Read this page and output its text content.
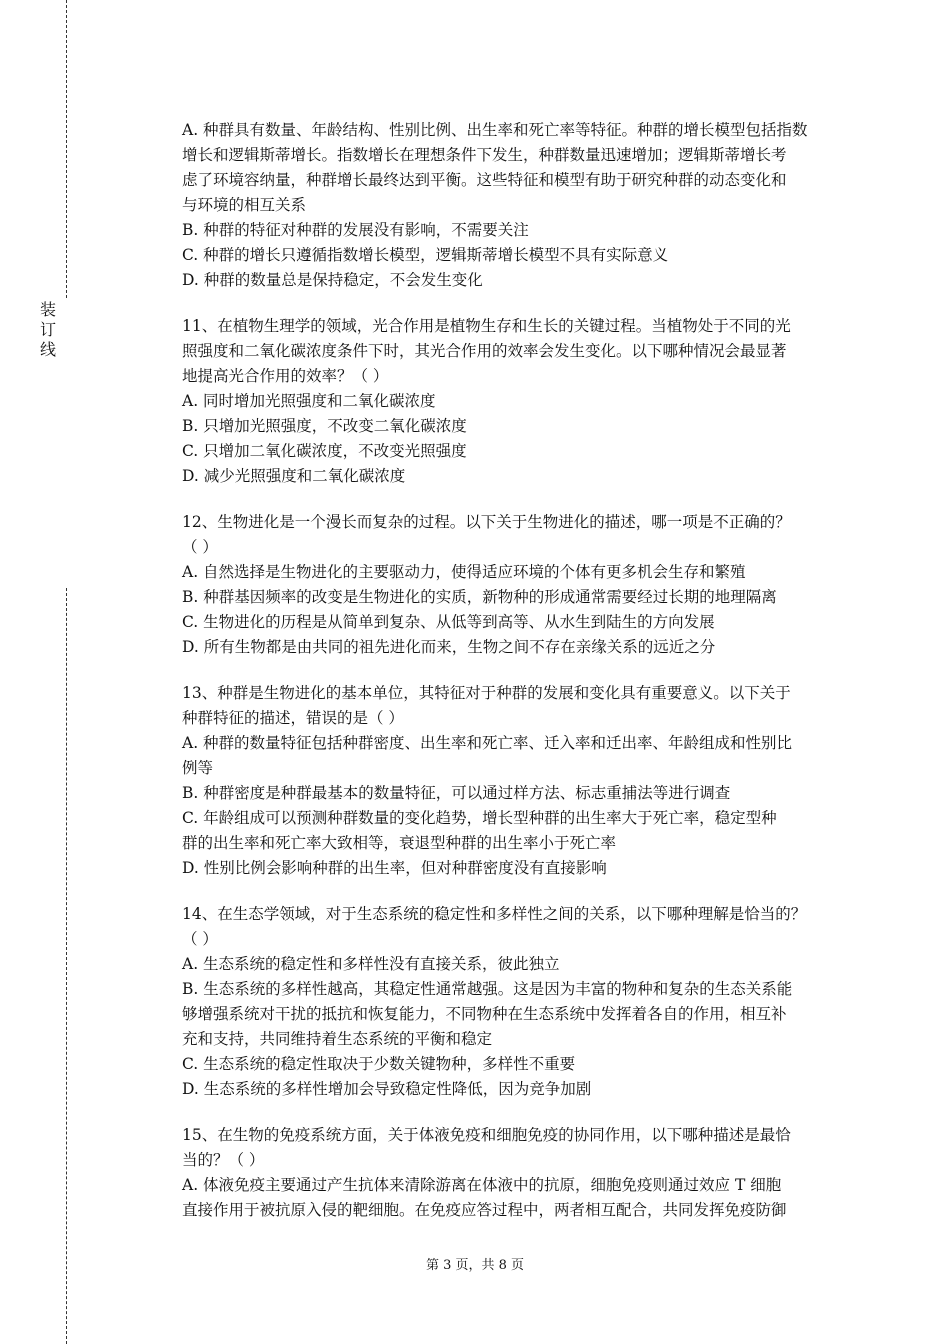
装订线
A. 种群具有数量、年龄结构、性别比例、出生率和死亡率等特征。种群的增长模型包括指数
增长和逻辑斯蒂增长。指数增长在理想条件下发生，种群数量迅速增加；逻辑斯蒂增长考
虑了环境容纳量，种群增长最终达到平衡。这些特征和模型有助于研究种群的动态变化和
与环境的相互关系
B. 种群的特征对种群的发展没有影响，不需要关注
C. 种群的增长只遵循指数增长模型，逻辑斯蒂增长模型不具有实际意义
D. 种群的数量总是保持稳定，不会发生变化
11、在植物生理学的领域，光合作用是植物生存和生长的关键过程。当植物处于不同的光
照强度和二氧化碳浓度条件下时，其光合作用的效率会发生变化。以下哪种情况会最显著
地提高光合作用的效率？（ ）
A. 同时增加光照强度和二氧化碳浓度
B. 只增加光照强度，不改变二氧化碳浓度
C. 只增加二氧化碳浓度，不改变光照强度
D. 减少光照强度和二氧化碳浓度
12、生物进化是一个漫长而复杂的过程。以下关于生物进化的描述，哪一项是不正确的？
（ ）
A. 自然选择是生物进化的主要驱动力，使得适应环境的个体有更多机会生存和繁殖
B. 种群基因频率的改变是生物进化的实质，新物种的形成通常需要经过长期的地理隔离
C. 生物进化的历程是从简单到复杂、从低等到高等、从水生到陆生的方向发展
D. 所有生物都是由共同的祖先进化而来，生物之间不存在亲缘关系的远近之分
13、种群是生物进化的基本单位，其特征对于种群的发展和变化具有重要意义。以下关于
种群特征的描述，错误的是（ ）
A. 种群的数量特征包括种群密度、出生率和死亡率、迁入率和迁出率、年龄组成和性别比
例等
B. 种群密度是种群最基本的数量特征，可以通过样方法、标志重捕法等进行调查
C. 年龄组成可以预测种群数量的变化趋势，增长型种群的出生率大于死亡率，稳定型种
群的出生率和死亡率大致相等，衰退型种群的出生率小于死亡率
D. 性别比例会影响种群的出生率，但对种群密度没有直接影响
14、在生态学领域，对于生态系统的稳定性和多样性之间的关系，以下哪种理解是恰当的？
（ ）
A. 生态系统的稳定性和多样性没有直接关系，彼此独立
B. 生态系统的多样性越高，其稳定性通常越强。这是因为丰富的物种和复杂的生态关系能
够增强系统对干扰的抵抗和恢复能力，不同物种在生态系统中发挥着各自的作用，相互补
充和支持，共同维持着生态系统的平衡和稳定
C. 生态系统的稳定性取决于少数关键物种，多样性不重要
D. 生态系统的多样性增加会导致稳定性降低，因为竞争加剧
15、在生物的免疫系统方面，关于体液免疫和细胞免疫的协同作用，以下哪种描述是最恰
当的？（ ）
A. 体液免疫主要通过产生抗体来清除游离在体液中的抗原，细胞免疫则通过效应 T 细胞
直接作用于被抗原入侵的靶细胞。在免疫应答过程中，两者相互配合，共同发挥免疫防御
第 3 页，共 8 页
